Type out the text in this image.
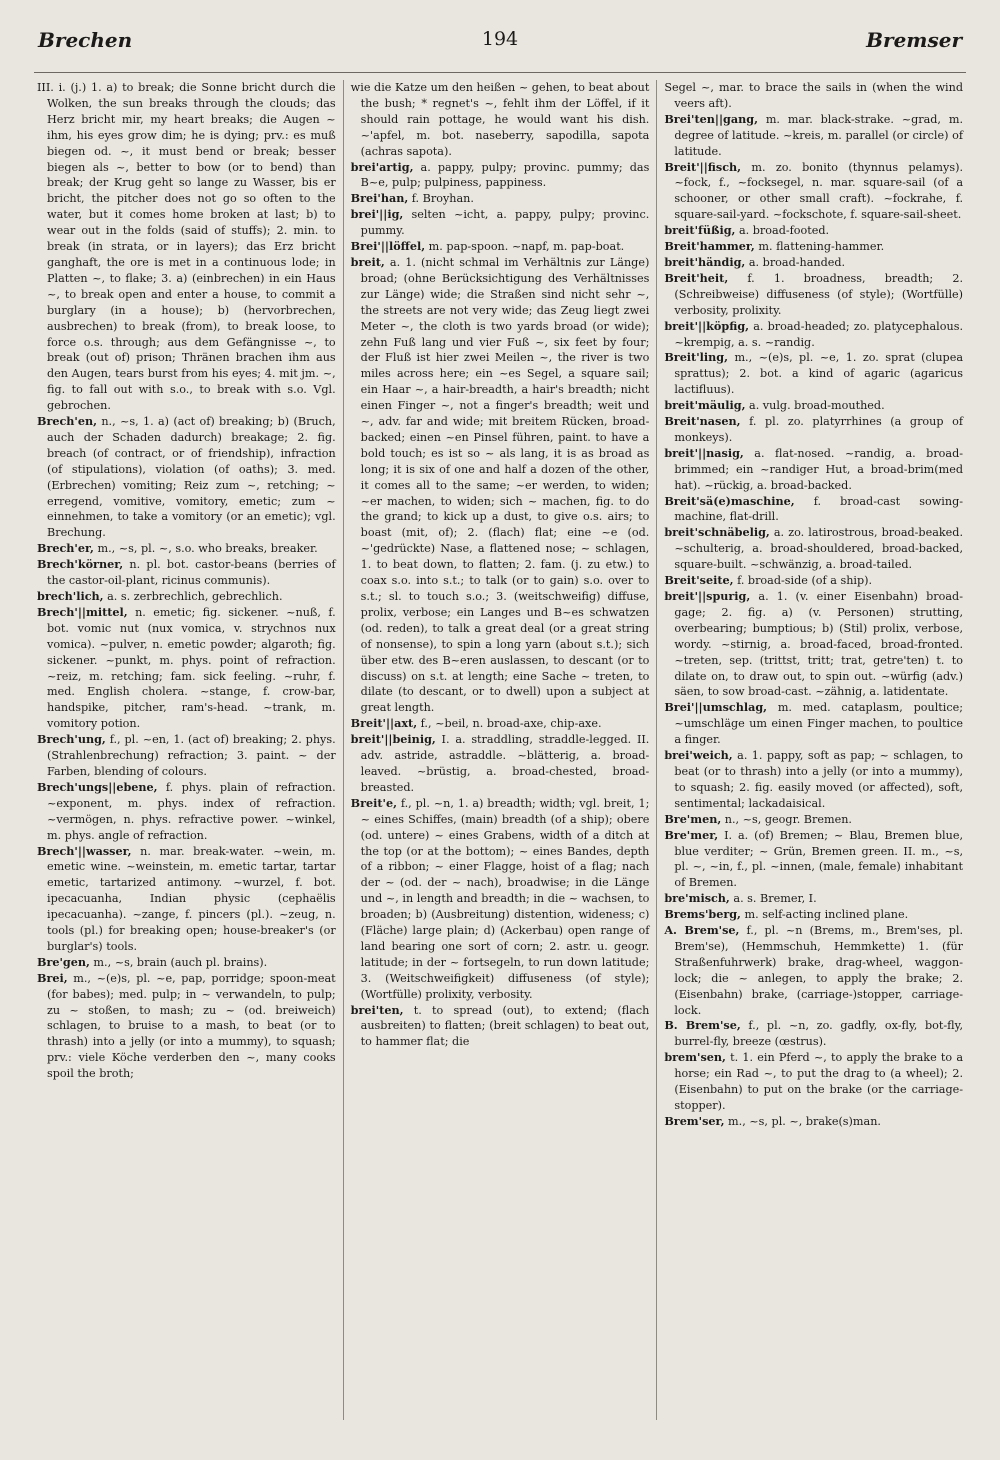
Brechen	194	Bremser

III. i. (j.) 1. a) to break; die Sonne bricht durch die Wolken, the sun breaks through the clouds; das Herz bricht mir, my heart breaks; die Augen ~ ihm, his eyes grow dim; he is dying; prv.: es muß biegen od. ~, it must bend or break; besser biegen als ~, better to bow (or to bend) than break; der Krug geht so lange zu Wasser, bis er bricht, the pitcher does not go so often to the water, but it comes home broken at last; b) to wear out in the folds (said of stuffs); 2. min. to break (in strata, or in layers); das Erz bricht ganghaft, the ore is met in a continuous lode; in Platten ~, to flake; 3. a) (einbrechen) in ein Haus ~, to break open and enter a house, to commit a burglary (in a house); b) (hervorbrechen, ausbrechen) to break (from), to break loose, to force o.s. through; aus dem Gefängnisse ~, to break (out of) prison; Thränen brachen ihm aus den Augen, tears burst from his eyes; 4. mit jm. ~, fig. to fall out with s.o., to break with s.o. Vgl. gebrochen.

Brech'en, n., ~s, 1. a) (act of) breaking; b) (Bruch, auch der Schaden dadurch) breakage; 2. fig. breach (of contract, or of friendship), infraction (of stipulations), violation (of oaths); 3. med. (Erbrechen) vomiting; Reiz zum ~, retching; ~ erregend, vomitive, vomitory, emetic; zum ~ einnehmen, to take a vomitory (or an emetic); vgl. Brechung.

Brech'er, m., ~s, pl. ~, s.o. who breaks, breaker.

Brech'körner, n. pl. bot. castor-beans (berries of the castor-oil-plant, ricinus communis).

brech'lich, a. s. zerbrechlich, gebrechlich.

Brech'||mittel, n. emetic; fig. sickener. ~nuß, f. bot. vomic nut (nux vomica, v. strychnos nux vomica). ~pulver, n. emetic powder; algaroth; fig. sickener. ~punkt, m. phys. point of refraction. ~reiz, m. retching; fam. sick feeling. ~ruhr, f. med. English cholera. ~stange, f. crow-bar, handspike, pitcher, ram's-head. ~trank, m. vomitory potion.

Brech'ung, f., pl. ~en, 1. (act of) breaking; 2. phys. (Strahlenbrechung) refraction; 3. paint. ~ der Farben, blending of colours.

Brech'ungs||ebene, f. phys. plain of refraction. ~exponent, m. phys. index of refraction. ~vermögen, n. phys. refractive power. ~winkel, m. phys. angle of refraction.

Brech'||wasser, n. mar. break-water. ~wein, m. emetic wine. ~weinstein, m. emetic tartar, tartar emetic, tartarized antimony. ~wurzel, f. bot. ipecacuanha, Indian physic (cephaëlis ipecacuanha). ~zange, f. pincers (pl.). ~zeug, n. tools (pl.) for breaking open; house-breaker's (or burglar's) tools.

Bre'gen, m., ~s, brain (auch pl. brains).

Brei, m., ~(e)s, pl. ~e, pap, porridge; spoon-meat (for babes); med. pulp; in ~ verwandeln, to pulp; zu ~ stoßen, to mash; zu ~ (od. breiweich) schlagen, to bruise to a mash, to beat (or to thrash) into a jelly (or into a mummy), to squash; prv.: viele Köche verderben den ~, many cooks spoil the broth;

wie die Katze um den heißen ~ gehen, to beat about the bush; * regnet's ~, fehlt ihm der Löffel, if it should rain pottage, he would want his dish. ~'apfel, m. bot. naseberry, sapodilla, sapota (achras sapota).

brei'artig, a. pappy, pulpy; provinc. pummy; das B~e, pulp; pulpiness, pappiness.

Brei'han, f. Broyhan.

brei'||ig, selten ~icht, a. pappy, pulpy; provinc. pummy.

Brei'||löffel, m. pap-spoon. ~napf, m. pap-boat.

breit, a. 1. (nicht schmal im Verhältnis zur Länge) broad; (ohne Berücksichtigung des Verhältnisses zur Länge) wide; die Straßen sind nicht sehr ~, the streets are not very wide; das Zeug liegt zwei Meter ~, the cloth is two yards broad (or wide); zehn Fuß lang und vier Fuß ~, six feet by four; der Fluß ist hier zwei Meilen ~, the river is two miles across here; ein ~es Segel, a square sail; ein Haar ~, a hair-breadth, a hair's breadth; nicht einen Finger ~, not a finger's breadth; weit und ~, adv. far and wide; mit breitem Rücken, broad-backed; einen ~en Pinsel führen, paint. to have a bold touch; es ist so ~ als lang, it is as broad as long; it is six of one and half a dozen of the other, it comes all to the same; ~er werden, to widen; ~er machen, to widen; sich ~ machen, fig. to do the grand; to kick up a dust, to give o.s. airs; to boast (mit, of); 2. (flach) flat; eine ~e (od. ~'gedrückte) Nase, a flattened nose; ~ schlagen, 1. to beat down, to flatten; 2. fam. (j. zu etw.) to coax s.o. into s.t.; to talk (or to gain) s.o. over to s.t.; sl. to touch s.o.; 3. (weitschweifig) diffuse, prolix, verbose; ein Langes und B~es schwatzen (od. reden), to talk a great deal (or a great string of nonsense), to spin a long yarn (about s.t.); sich über etw. des B~eren auslassen, to descant (or to discuss) on s.t. at length; eine Sache ~ treten, to dilate (to descant, or to dwell) upon a subject at great length.

Breit'||axt, f., ~beil, n. broad-axe, chip-axe.

breit'||beinig, I. a. straddling, straddle-legged. II. adv. astride, astraddle. ~blätterig, a. broad-leaved. ~brüstig, a. broad-chested, broad-breasted.

Breit'e, f., pl. ~n, 1. a) breadth; width; vgl. breit, 1; ~ eines Schiffes, (main) breadth (of a ship); obere (od. untere) ~ eines Grabens, width of a ditch at the top (or at the bottom); ~ eines Bandes, depth of a ribbon; ~ einer Flagge, hoist of a flag; nach der ~ (od. der ~ nach), broadwise; in die Länge und ~, in length and breadth; in die ~ wachsen, to broaden; b) (Ausbreitung) distention, wideness; c) (Fläche) large plain; d) (Ackerbau) open range of land bearing one sort of corn; 2. astr. u. geogr. latitude; in der ~ fortsegeln, to run down latitude; 3. (Weitschweifigkeit) diffuseness (of style); (Wortfülle) prolixity, verbosity.

brei'ten, t. to spread (out), to extend; (flach ausbreiten) to flatten; (breit schlagen) to beat out, to hammer flat; die

Segel ~, mar. to brace the sails in (when the wind veers aft).

Brei'ten||gang, m. mar. black-strake. ~grad, m. degree of latitude. ~kreis, m. parallel (or circle) of latitude.

Breit'||fisch, m. zo. bonito (thynnus pelamys). ~fock, f., ~focksegel, n. mar. square-sail (of a schooner, or other small craft). ~fockrahe, f. square-sail-yard. ~fockschote, f. square-sail-sheet.

breit'füßig, a. broad-footed.

Breit'hammer, m. flattening-hammer.

breit'händig, a. broad-handed.

Breit'heit, f. 1. broadness, breadth; 2. (Schreibweise) diffuseness (of style); (Wortfülle) verbosity, prolixity.

breit'||köpfig, a. broad-headed; zo. platycephalous. ~krempig, a. s. ~randig.

Breit'ling, m., ~(e)s, pl. ~e, 1. zo. sprat (clupea sprattus); 2. bot. a kind of agaric (agaricus lactifluus).

breit'mäulig, a. vulg. broad-mouthed.

Breit'nasen, f. pl. zo. platyrrhines (a group of monkeys).

breit'||nasig, a. flat-nosed. ~randig, a. broad-brimmed; ein ~randiger Hut, a broad-brim(med hat). ~rückig, a. broad-backed.

Breit'sä(e)maschine, f. broad-cast sowing-machine, flat-drill.

breit'schnäbelig, a. zo. latirostrous, broad-beaked. ~schulterig, a. broad-shouldered, broad-backed, square-built. ~schwänzig, a. broad-tailed.

Breit'seite, f. broad-side (of a ship).

breit'||spurig, a. 1. (v. einer Eisenbahn) broad-gage; 2. fig. a) (v. Personen) strutting, overbearing; bumptious; b) (Stil) prolix, verbose, wordy. ~stirnig, a. broad-faced, broad-fronted. ~treten, sep. (trittst, tritt; trat, getre'ten) t. to dilate on, to draw out, to spin out. ~würfig (adv.) säen, to sow broad-cast. ~zähnig, a. latidentate.

Brei'||umschlag, m. med. cataplasm, poultice; ~umschläge um einen Finger machen, to poultice a finger.

brei'weich, a. 1. pappy, soft as pap; ~ schlagen, to beat (or to thrash) into a jelly (or into a mummy), to squash; 2. fig. easily moved (or affected), soft, sentimental; lackadaisical.

Bre'men, n., ~s, geogr. Bremen.

Bre'mer, I. a. (of) Bremen; ~ Blau, Bremen blue, blue verditer; ~ Grün, Bremen green. II. m., ~s, pl. ~, ~in, f., pl. ~innen, (male, female) inhabitant of Bremen.

bre'misch, a. s. Bremer, I.

Brems'berg, m. self-acting inclined plane.

A. Brem'se, f., pl. ~n (Brems, m., Brem'ses, pl. Brem'se), (Hemmschuh, Hemmkette) 1. (für Straßenfuhrwerk) brake, drag-wheel, waggon-lock; die ~ anlegen, to apply the brake; 2. (Eisenbahn) brake, (carriage-)stopper, carriage-lock.

B. Brem'se, f., pl. ~n, zo. gadfly, ox-fly, bot-fly, burrel-fly, breeze (œstrus).

brem'sen, t. 1. ein Pferd ~, to apply the brake to a horse; ein Rad ~, to put the drag to (a wheel); 2. (Eisenbahn) to put on the brake (or the carriage-stopper).

Brem'ser, m., ~s, pl. ~, brake(s)man.
